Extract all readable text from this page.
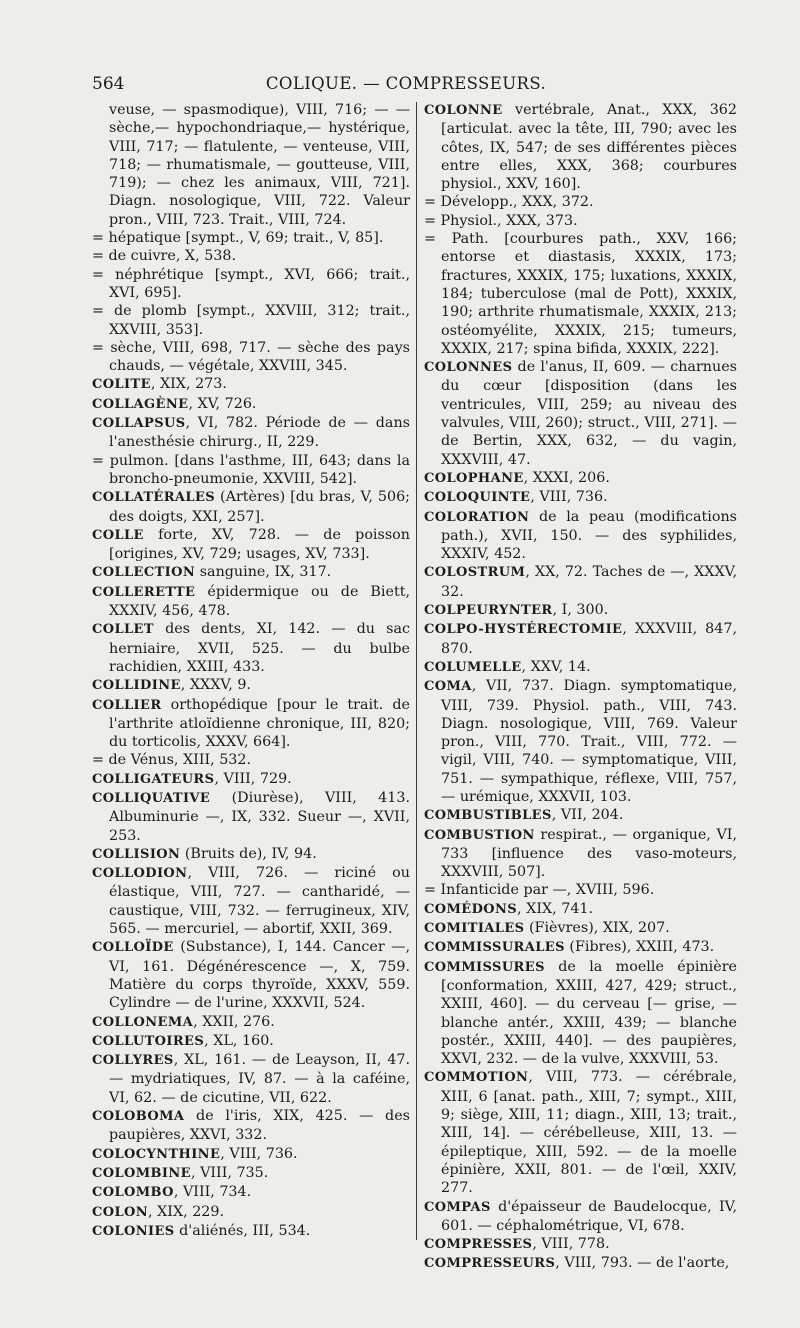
564	COLIQUE. — COMPRESSEURS.

veuse, — spasmodique), VIII, 716; — —sèche,— hypochondriaque,— hystérique, VIII, 717; — flatulente, — venteuse, VIII, 718; — rhumatismale, — goutteuse, VIII, 719); — chez les animaux, VIII, 721]. Diagn. nosologique, VIII, 722. Valeur pron., VIII, 723. Trait., VIII, 724.

= hépatique [sympt., V, 69; trait., V, 85].

= de cuivre, X, 538.

= néphrétique [sympt., XVI, 666; trait., XVI, 695].

= de plomb [sympt., XXVIII, 312; trait., XXVIII, 353].

= sèche, VIII, 698, 717. — sèche des pays chauds, — végétale, XXVIII, 345.

COLITE, XIX, 273.

COLLAGÈNE, XV, 726.

COLLAPSUS, VI, 782. Période de — dans l'anesthésie chirurg., II, 229.

= pulmon. [dans l'asthme, III, 643; dans la broncho-pneumonie, XXVIII, 542].

COLLATÉRALES (Artères) [du bras, V, 506; des doigts, XXI, 257].

COLLE forte, XV, 728. — de poisson [origines, XV, 729; usages, XV, 733].

COLLECTION sanguine, IX, 317.

COLLERETTE épidermique ou de Biett, XXXIV, 456, 478.

COLLET des dents, XI, 142. — du sac herniaire, XVII, 525. — du bulbe rachidien, XXIII, 433.

COLLIDINE, XXXV, 9.

COLLIER orthopédique [pour le trait. de l'arthrite atloïdienne chronique, III, 820; du torticolis, XXXV, 664].

= de Vénus, XIII, 532.

COLLIGATEURS, VIII, 729.

COLLIQUATIVE (Diurèse), VIII, 413. Albuminurie —, IX, 332. Sueur —, XVII, 253.

COLLISION (Bruits de), IV, 94.

COLLODION, VIII, 726. — riciné ou élastique, VIII, 727. — cantharidé, — caustique, VIII, 732. — ferrugineux, XIV, 565. — mercuriel, — abortif, XXII, 369.

COLLOÏDE (Substance), I, 144. Cancer —, VI, 161. Dégénérescence —, X, 759. Matière du corps thyroïde, XXXV, 559. Cylindre — de l'urine, XXXVII, 524.

COLLONEMA, XXII, 276.

COLLUTOIRES, XL, 160.

COLLYRES, XL, 161. — de Leayson, II, 47. — mydriatiques, IV, 87. — à la caféine, VI, 62. — de cicutine, VII, 622.

COLOBOMA de l'iris, XIX, 425. — des paupières, XXVI, 332.

COLOCYNTHINE, VIII, 736.

COLOMBINE, VIII, 735.

COLOMBO, VIII, 734.

COLON, XIX, 229.

COLONIES d'aliénés, III, 534.

COLONNE vertébrale, Anat., XXX, 362 [articulat. avec la tête, III, 790; avec les côtes, IX, 547; de ses différentes pièces entre elles, XXX, 368; courbures physiol., XXV, 160].

= Développ., XXX, 372.

= Physiol., XXX, 373.

= Path. [courbures path., XXV, 166; entorse et diastasis, XXXIX, 173; fractures, XXXIX, 175; luxations, XXXIX, 184; tuberculose (mal de Pott), XXXIX, 190; arthrite rhumatismale, XXXIX, 213; ostéomyélite, XXXIX, 215; tumeurs, XXXIX, 217; spina bifida, XXXIX, 222].

COLONNES de l'anus, II, 609. — charnues du cœur [disposition (dans les ventricules, VIII, 259; au niveau des valvules, VIII, 260); struct., VIII, 271]. — de Bertin, XXX, 632, — du vagin, XXXVIII, 47.

COLOPHANE, XXXI, 206.

COLOQUINTE, VIII, 736.

COLORATION de la peau (modifications path.), XVII, 150. — des syphilides, XXXIV, 452.

COLOSTRUM, XX, 72. Taches de —, XXXV, 32.

COLPEURYNTER, I, 300.

COLPO-HYSTÉRECTOMIE, XXXVIII, 847, 870.

COLUMELLE, XXV, 14.

COMA, VII, 737. Diagn. symptomatique, VIII, 739. Physiol. path., VIII, 743. Diagn. nosologique, VIII, 769. Valeur pron., VIII, 770. Trait., VIII, 772. — vigil, VIII, 740. — symptomatique, VIII, 751. — sympathique, réflexe, VIII, 757, — urémique, XXXVII, 103.

COMBUSTIBLES, VII, 204.

COMBUSTION respirat., — organique, VI, 733 [influence des vaso-moteurs, XXXVIII, 507].

= Infanticide par —, XVIII, 596.

COMÉDONS, XIX, 741.

COMITIALES (Fièvres), XIX, 207.

COMMISSURALES (Fibres), XXIII, 473.

COMMISSURES de la moelle épinière [conformation, XXIII, 427, 429; struct., XXIII, 460]. — du cerveau [— grise, — blanche antér., XXIII, 439; — blanche postér., XXIII, 440]. — des paupières, XXVI, 232. — de la vulve, XXXVIII, 53.

COMMOTION, VIII, 773. — cérébrale, XIII, 6 [anat. path., XIII, 7; sympt., XIII, 9; siège, XIII, 11; diagn., XIII, 13; trait., XIII, 14]. — cérébelleuse, XIII, 13. — épileptique, XIII, 592. — de la moelle épinière, XXII, 801. — de l'œil, XXIV, 277.

COMPAS d'épaisseur de Baudelocque, IV, 601. — céphalométrique, VI, 678.

COMPRESSES, VIII, 778.

COMPRESSEURS, VIII, 793. — de l'aorte,
